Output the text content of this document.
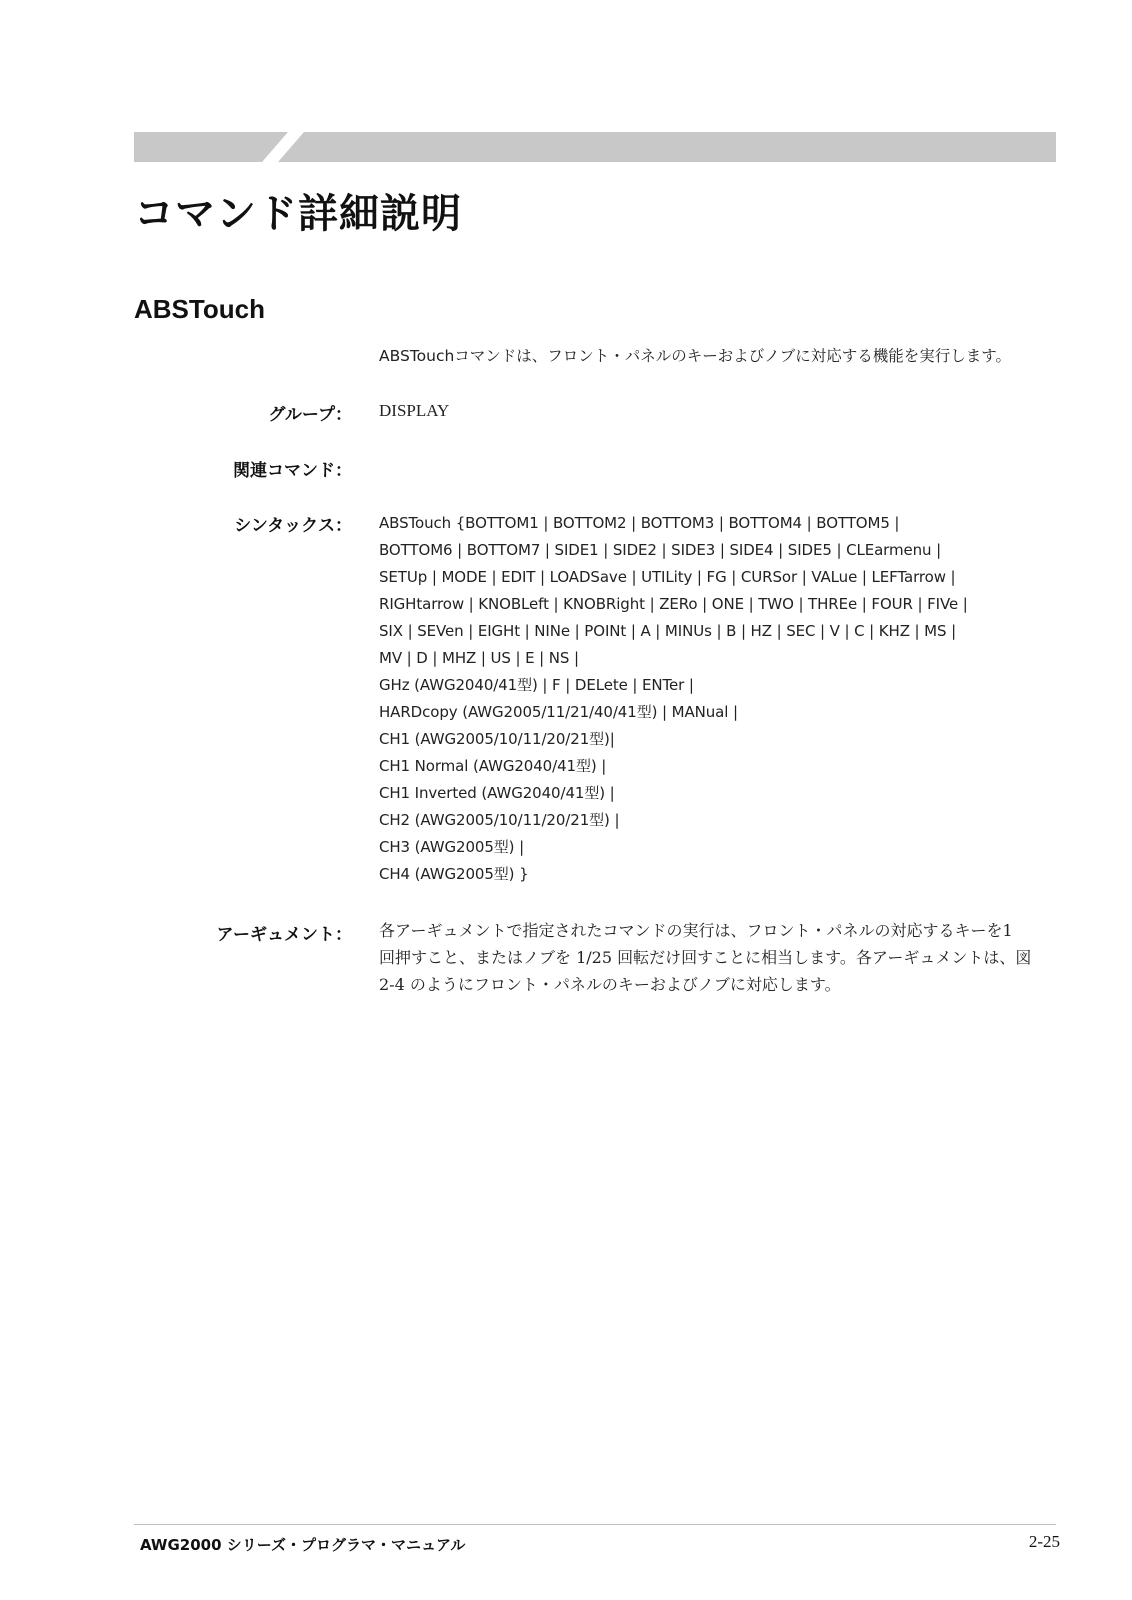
コマンド詳細説明
ABSTouch
ABSTouchコマンドは、フロント・パネルのキーおよびノブに対応する機能を実行します。
グループ： DISPLAY
関連コマンド：
シンタックス： ABSTouch {BOTTOM1 | BOTTOM2 | BOTTOM3 | BOTTOM4 | BOTTOM5 |
BOTTOM6 | BOTTOM7 | SIDE1 | SIDE2 | SIDE3 | SIDE4 | SIDE5 | CLEarmenu |
SETUp | MODE | EDIT | LOADSave | UTILity | FG | CURSor | VALue | LEFTarrow |
RIGHtarrow | KNOBLeft | KNOBRight | ZERo | ONE | TWO | THREe | FOUR | FIVe |
SIX | SEVen | EIGHt | NINe | POINt | A | MINUs | B | HZ | SEC | V | C | KHZ | MS |
MV | D | MHZ | US | E | NS |
GHz (AWG2040/41型) | F | DELete | ENTer |
HARDcopy (AWG2005/11/21/40/41型) | MANual |
CH1 (AWG2005/10/11/20/21型)|
CH1 Normal (AWG2040/41型) |
CH1 Inverted (AWG2040/41型) |
CH2 (AWG2005/10/11/20/21型) |
CH3 (AWG2005型) |
CH4 (AWG2005型) }
アーギュメント： 各アーギュメントで指定されたコマンドの実行は、フロント・パネルの対応するキーを1
回押すこと、またはノブを 1/25 回転だけ回すことに相当します。各アーギュメントは、図
2-4 のようにフロント・パネルのキーおよびノブに対応します。
AWG2000 シリーズ・プログラマ・マニュアル	2-25
